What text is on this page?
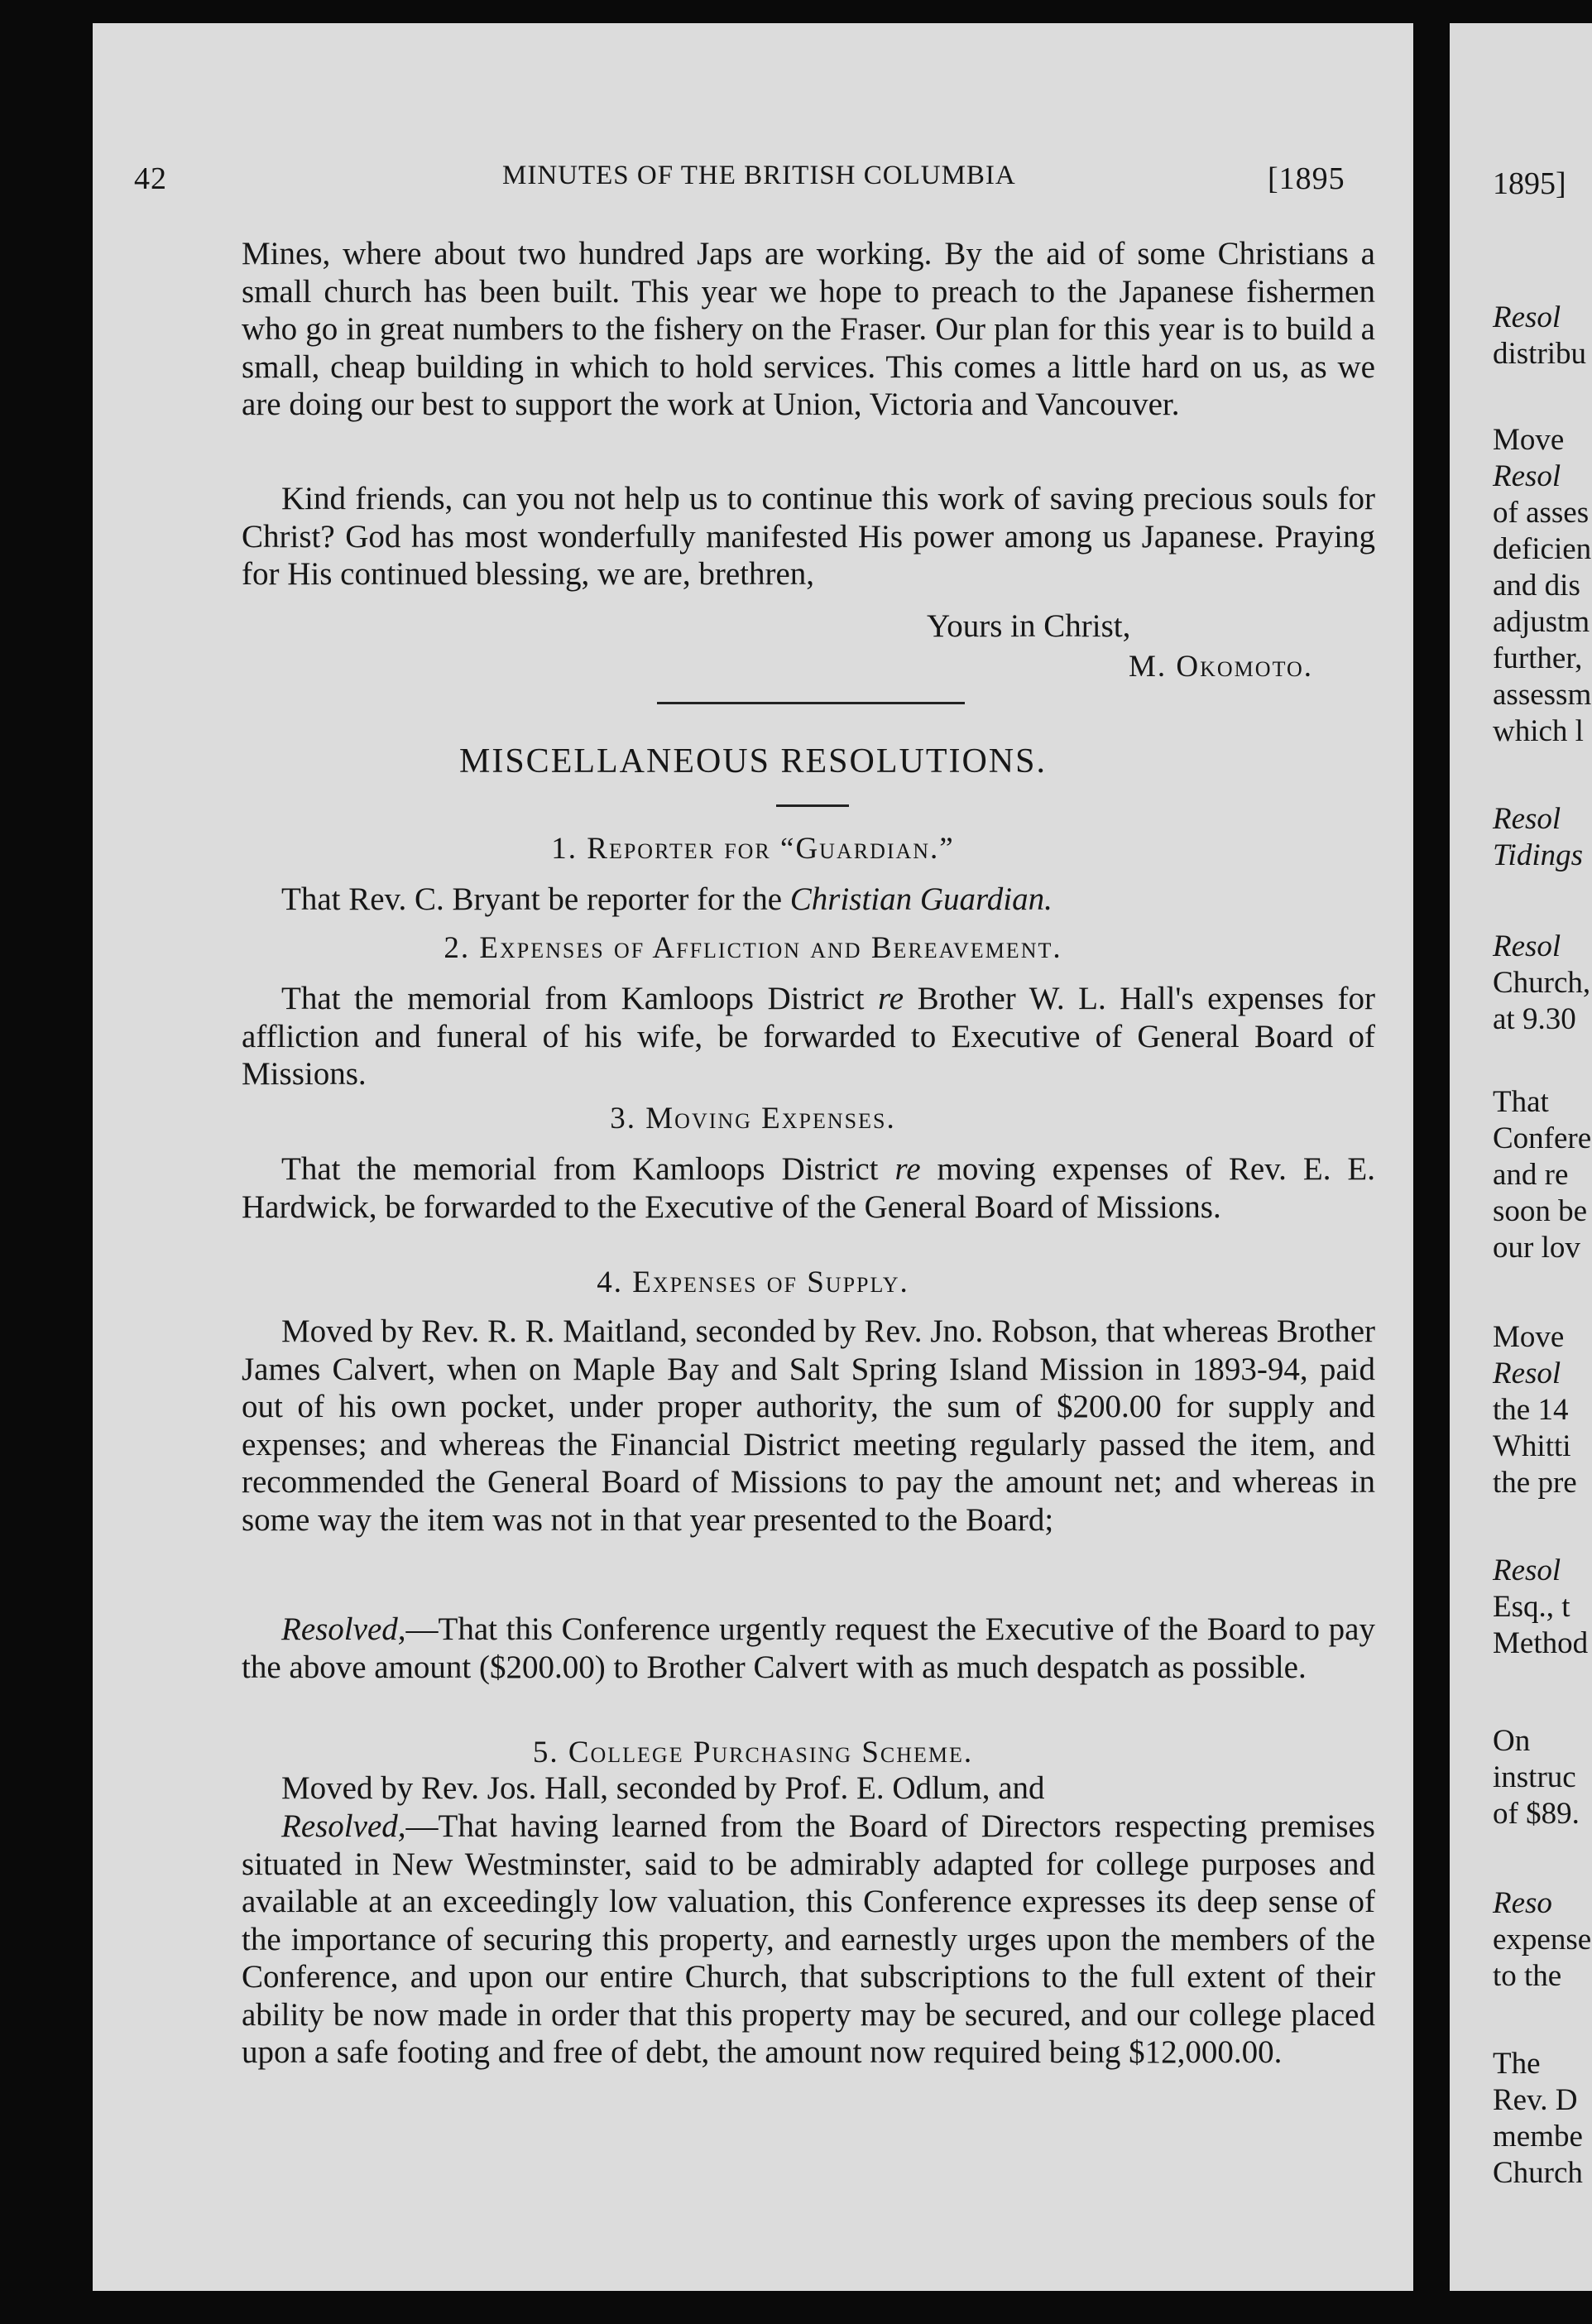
42	MINUTES OF THE BRITISH COLUMBIA	[1895
Mines, where about two hundred Japs are working. By the aid of some Christians a small church has been built. This year we hope to preach to the Japanese fishermen who go in great numbers to the fishery on the Fraser. Our plan for this year is to build a small, cheap building in which to hold services. This comes a little hard on us, as we are doing our best to support the work at Union, Victoria and Vancouver.
Kind friends, can you not help us to continue this work of saving precious souls for Christ? God has most wonderfully manifested His power among us Japanese. Praying for His continued blessing, we are, brethren,
Yours in Christ,
M. Okomoto.
MISCELLANEOUS RESOLUTIONS.
1. Reporter for “Guardian.”
That Rev. C. Bryant be reporter for the Christian Guardian.
2. Expenses of Affliction and Bereavement.
That the memorial from Kamloops District re Brother W. L. Hall's expenses for affliction and funeral of his wife, be forwarded to Executive of General Board of Missions.
3. Moving Expenses.
That the memorial from Kamloops District re moving expenses of Rev. E. E. Hardwick, be forwarded to the Executive of the General Board of Missions.
4. Expenses of Supply.
Moved by Rev. R. R. Maitland, seconded by Rev. Jno. Robson, that whereas Brother James Calvert, when on Maple Bay and Salt Spring Island Mission in 1893-94, paid out of his own pocket, under proper authority, the sum of $200.00 for supply and expenses; and whereas the Financial District meeting regularly passed the item, and recommended the General Board of Missions to pay the amount net; and whereas in some way the item was not in that year presented to the Board;
Resolved,—That this Conference urgently request the Executive of the Board to pay the above amount ($200.00) to Brother Calvert with as much despatch as possible.
5. College Purchasing Scheme.
Moved by Rev. Jos. Hall, seconded by Prof. E. Odlum, and
Resolved,—That having learned from the Board of Directors respecting premises situated in New Westminster, said to be admirably adapted for college purposes and available at an exceedingly low valuation, this Conference expresses its deep sense of the importance of securing this property, and earnestly urges upon the members of the Conference, and upon our entire Church, that subscriptions to the full extent of their ability be now made in order that this property may be secured, and our college placed upon a safe footing and free of debt, the amount now required being $12,000.00.
1895]
Resol
distribu
Move
Resol
of asses
deficien
and dis
adjustm
further,
assessm
which l
Resol
Tidings
Resol
Church,
at 9.30
That
Confere
and re
soon be
our lov
Move
Resol
the 14
Whitti
the pre
Resol
Esq., t
Method
On
instruc
of $89.
Reso
expense
to the
The
Rev. D
membe
Church
